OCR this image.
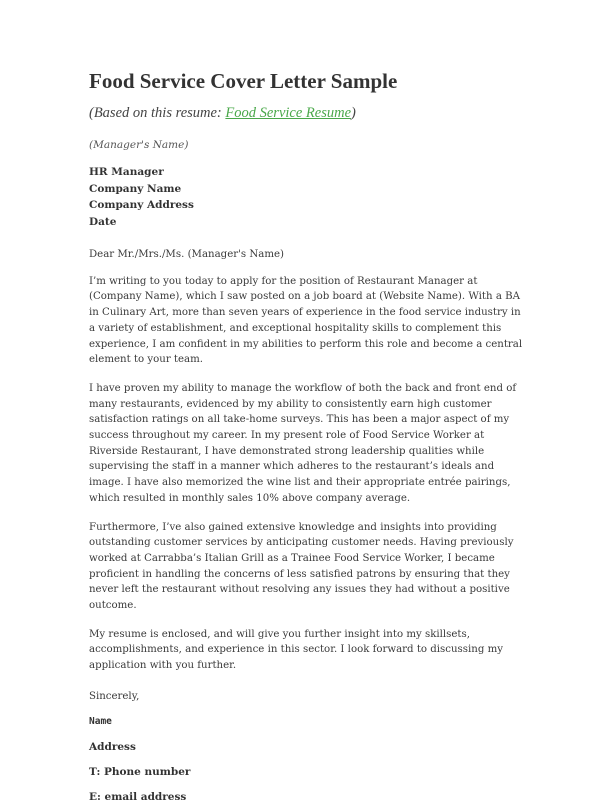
Food Service Cover Letter Sample
(Based on this resume: Food Service Resume)
(Manager's Name)
HR Manager
Company Name
Company Address
Date

Dear Mr./Mrs./Ms. (Manager's Name)

I’m writing to you today to apply for the position of Restaurant Manager at (Company Name), which I saw posted on a job board at (Website Name). With a BA in Culinary Art, more than seven years of experience in the food service industry in a variety of establishment, and exceptional hospitality skills to complement this experience, I am confident in my abilities to perform this role and become a central element to your team.

I have proven my ability to manage the workflow of both the back and front end of many restaurants, evidenced by my ability to consistently earn high customer satisfaction ratings on all take-home surveys. This has been a major aspect of my success throughout my career. In my present role of Food Service Worker at Riverside Restaurant, I have demonstrated strong leadership qualities while supervising the staff in a manner which adheres to the restaurant’s ideals and image. I have also memorized the wine list and their appropriate entrée pairings, which resulted in monthly sales 10% above company average.

Furthermore, I’ve also gained extensive knowledge and insights into providing outstanding customer services by anticipating customer needs. Having previously worked at Carrabba’s Italian Grill as a Trainee Food Service Worker, I became proficient in handling the concerns of less satisfied patrons by ensuring that they never left the restaurant without resolving any issues they had without a positive outcome.

My resume is enclosed, and will give you further insight into my skillsets, accomplishments, and experience in this sector. I look forward to discussing my application with you further.

Sincerely,

Name
Address
T: Phone number
E: email address
